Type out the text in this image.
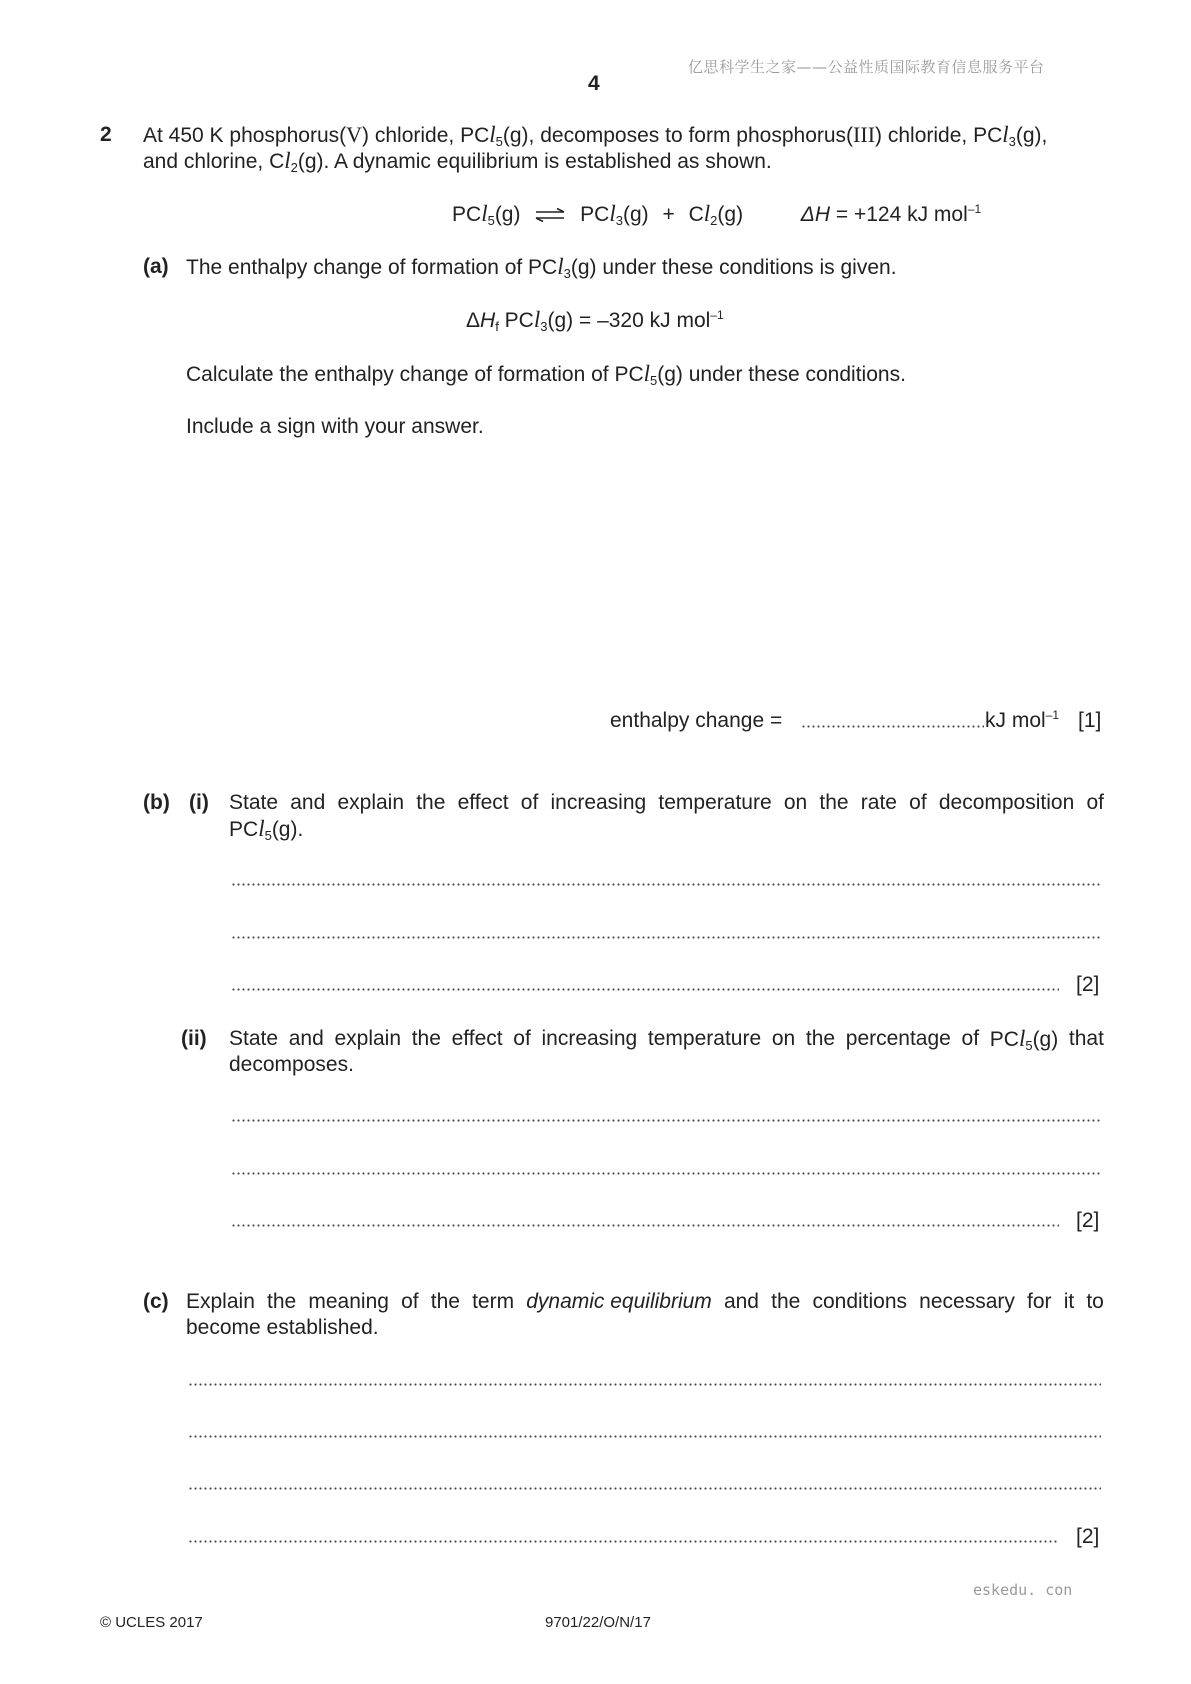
亿思科学生之家——公益性质国际教育信息服务平台
4
2 At 450 K phosphorus(V) chloride, PCl$_5$(g), decomposes to form phosphorus(III) chloride, PCl$_3$(g),
and chlorine, $Cl_2(g)$. A dynamic equilibrium is established as shown.
PCl$_5$(g) ⇌ $PCl_3(g) + Cl_2(g)$	ΔH = +124 kJ mol$^{-1}$
(a) The enthalpy change of formation of PCl$_3$(g) under these conditions is given.
$\Delta H_f$ PCl$_3$(g) = –320 kJ mol$^{-1}$
Calculate the enthalpy change of formation of PCl$_5$(g) under these conditions.
Include a sign with your answer.
enthalpy change =	kJ mol$^{-1}$ [1]
(b) (i) State and explain the effect of increasing temperature on the rate of decomposition of
PCl$_5$(g).
[2]
(ii) State and explain the effect of increasing temperature on the percentage of PCl$_5$(g) that
decomposes.
[2]
(c) Explain the meaning of the term dynamic equilibrium and the conditions necessary for it to
become established.
[2]
eskedu. con
© UCLES 2017	9701/22/O/N/17
